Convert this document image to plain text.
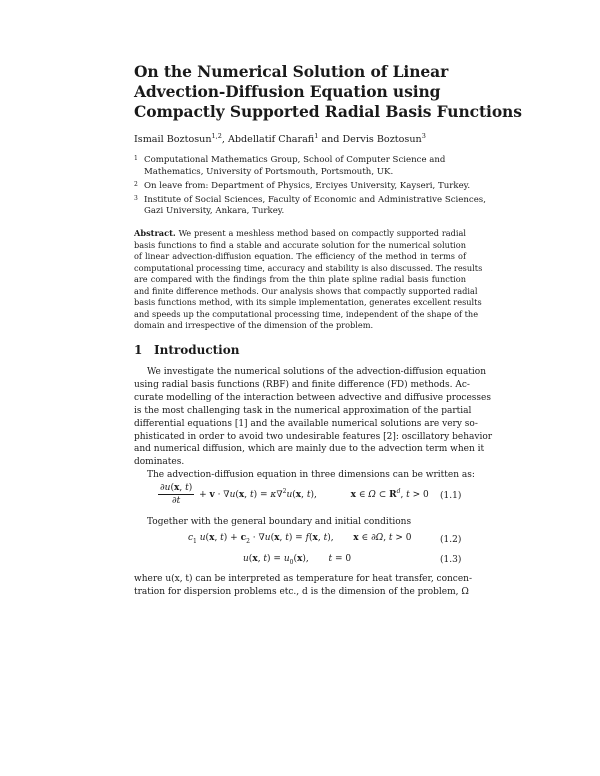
On the Numerical Solution of Linear
Advection-Diffusion Equation using
Compactly Supported Radial Basis Functions
Ismail Boztosun$^{1,2}$, Abdellatif Charafi$^1$ and Dervis Boztosun$^3$
1 Computational Mathematics Group, School of Computer Science and
Mathematics, University of Portsmouth, Portsmouth, UK.
2 On leave from: Department of Physics, Erciyes University, Kayseri, Turkey.
3 Institute of Social Sciences, Faculty of Economic and Administrative Sciences,
Gazi University, Ankara, Turkey.
Abstract. We present a meshless method based on compactly supported radial
basis functions to find a stable and accurate solution for the numerical solution
of linear advection-diffusion equation. The efficiency of the method in terms of
computational processing time, accuracy and stability is also discussed. The results
are compared with the findings from the thin plate spline radial basis function
and finite difference methods. Our analysis shows that compactly supported radial
basis functions method, with its simple implementation, generates excellent results
and speeds up the computational processing time, independent of the shape of the
domain and irrespective of the dimension of the problem.
1 Introduction
We investigate the numerical solutions of the advection-diffusion equation
using radial basis functions (RBF) and finite difference (FD) methods. Ac-
curate modelling of the interaction between advective and diffusive processes
is the most challenging task in the numerical approximation of the partial
differential equations [1] and the available numerical solutions are very so-
phisticated in order to avoid two undesirable features [2]: oscillatory behavior
and numerical diffusion, which are mainly due to the advection term when it
dominates.
The advection-diffusion equation in three dimensions can be written as:
$\frac{\partial u(x, t)}{\partial t} + v \cdot \nabla u(x$, t) = κ∇$^2$u(x, t),	x ∈ Ω ⊂ $R^d$, t > 0 (1.1)
Together with the general boundary and initial conditions
$c_1$ u(x, $t) + c_2 \cdot \nabla u(x$, t) = f(x, t),  x ∈ ∂Ω, t > 0	(1.2)
u(x, $t) = u_0(x)$,  t = 0	(1.3)
where u(x, t) can be interpreted as temperature for heat transfer, concen-
tration for dispersion problems etc., d is the dimension of the problem, Ω
